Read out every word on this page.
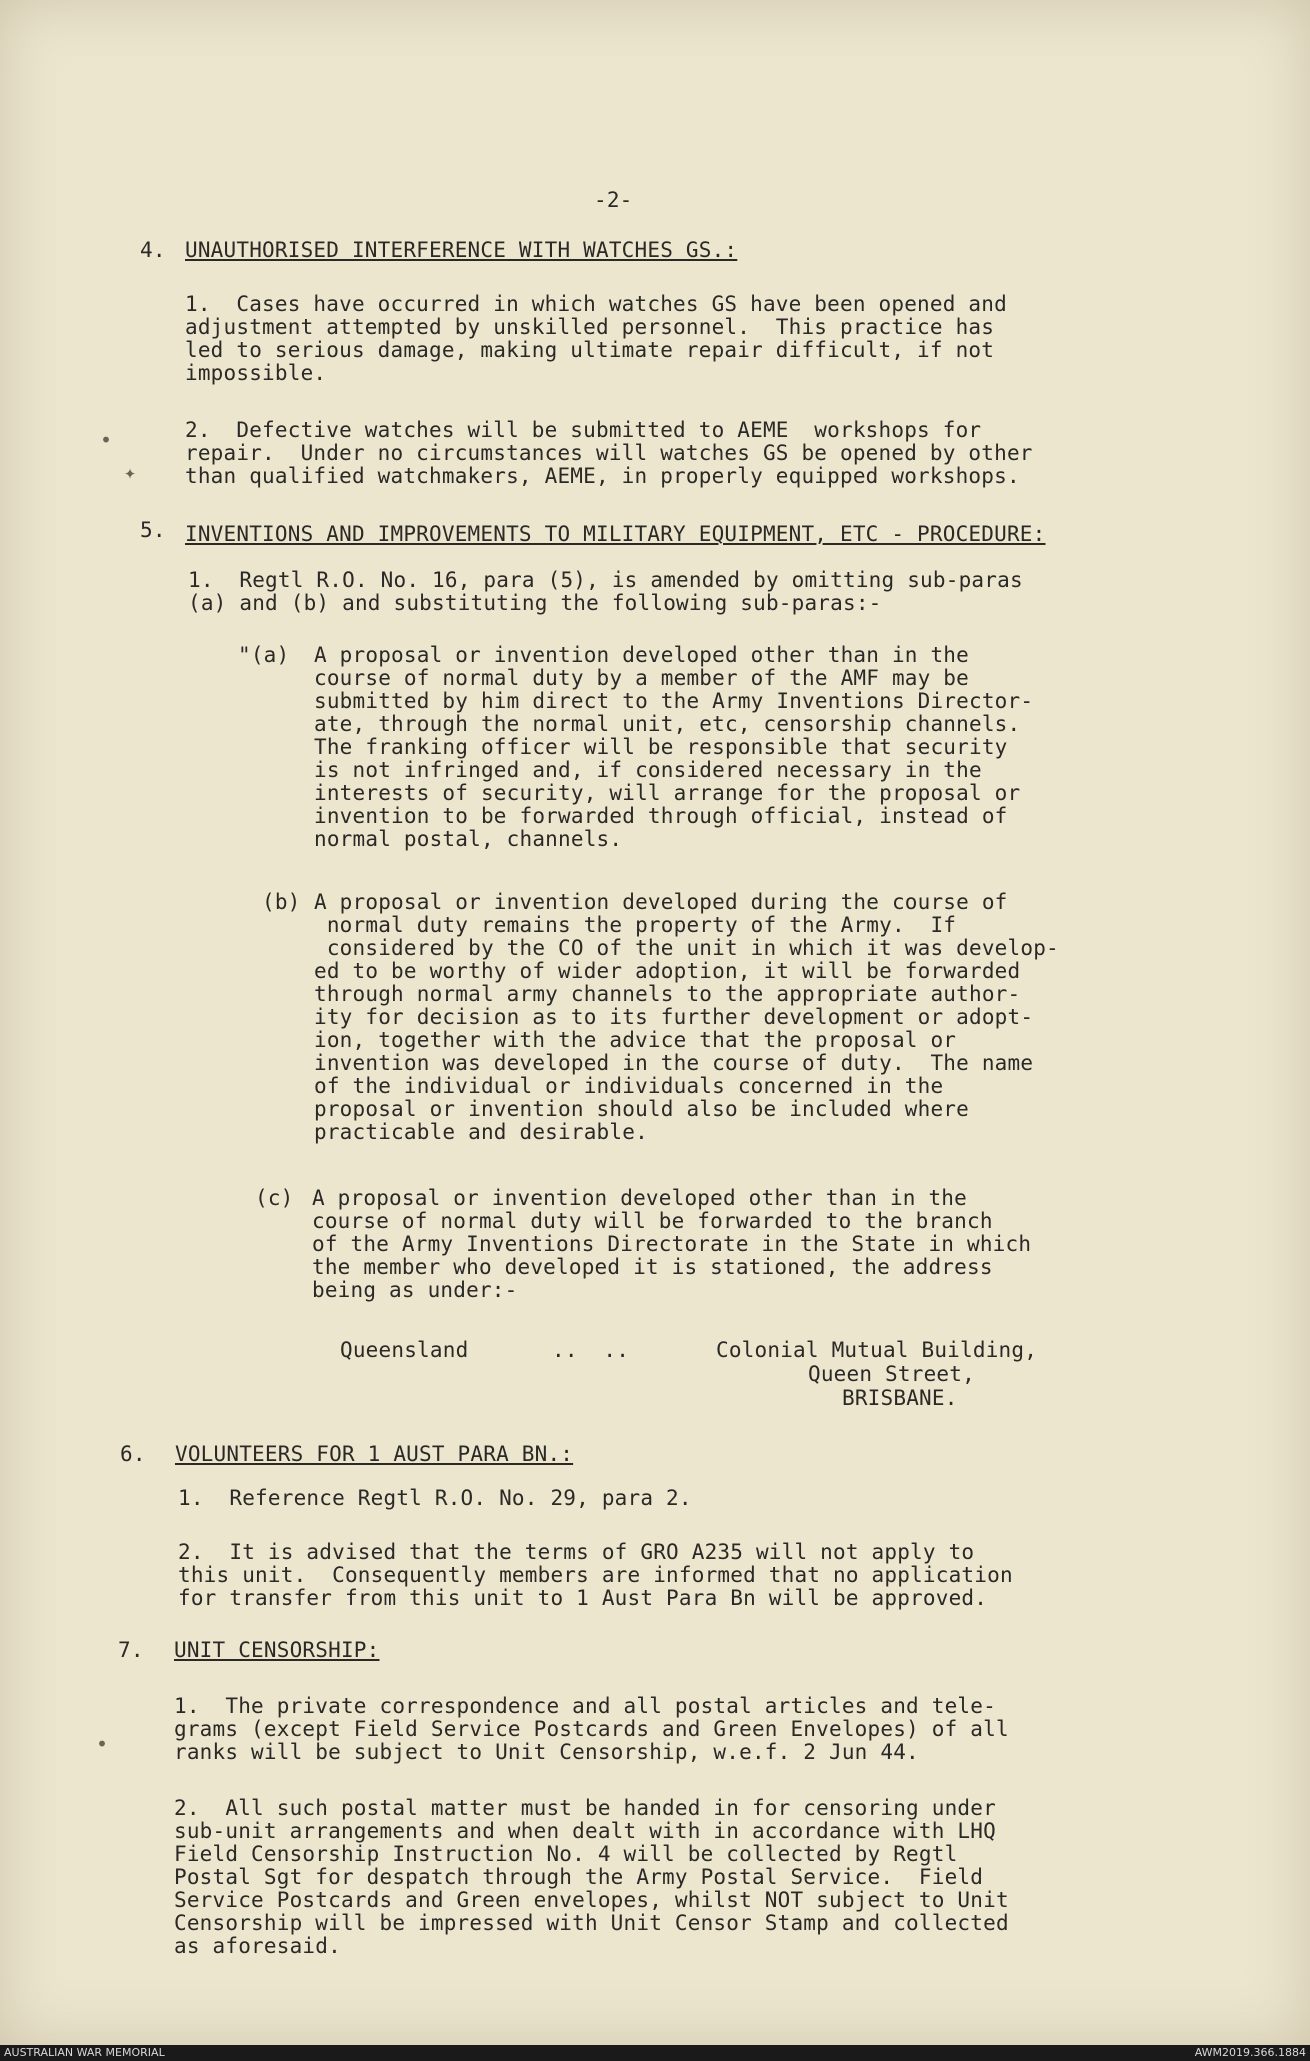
-2-
4. UNAUTHORISED INTERFERENCE WITH WATCHES GS.:
1.  Cases have occurred in which watches GS have been opened and
adjustment attempted by unskilled personnel.  This practice has
led to serious damage, making ultimate repair difficult, if not
impossible.
2.  Defective watches will be submitted to AEME  workshops for
repair.  Under no circumstances will watches GS be opened by other
than qualified watchmakers, AEME, in properly equipped workshops.
5. INVENTIONS AND IMPROVEMENTS TO MILITARY EQUIPMENT, ETC - PROCEDURE:
1.  Regtl R.O. No. 16, para (5), is amended by omitting sub-paras
(a) and (b) and substituting the following sub-paras:-
"(a) A proposal or invention developed other than in the
course of normal duty by a member of the AMF may be
submitted by him direct to the Army Inventions Director-
ate, through the normal unit, etc, censorship channels.
The franking officer will be responsible that security
is not infringed and, if considered necessary in the
interests of security, will arrange for the proposal or
invention to be forwarded through official, instead of
normal postal, channels.
(b) A proposal or invention developed during the course of
normal duty remains the property of the Army.  If
considered by the CO of the unit in which it was develop-
ed to be worthy of wider adoption, it will be forwarded
through normal army channels to the appropriate author-
ity for decision as to its further development or adopt-
ion, together with the advice that the proposal or
invention was developed in the course of duty.  The name
of the individual or individuals concerned in the
proposal or invention should also be included where
practicable and desirable.
(c) A proposal or invention developed other than in the
course of normal duty will be forwarded to the branch
of the Army Inventions Directorate in the State in which
the member who developed it is stationed, the address
being as under:-
Queensland	..  ..	Colonial Mutual Building,
Queen Street,
BRISBANE.
6. VOLUNTEERS FOR 1 AUST PARA BN.:
1.  Reference Regtl R.O. No. 29, para 2.
2.  It is advised that the terms of GRO A235 will not apply to
this unit.  Consequently members are informed that no application
for transfer from this unit to 1 Aust Para Bn will be approved.
7. UNIT CENSORSHIP:
1.  The private correspondence and all postal articles and tele-
grams (except Field Service Postcards and Green Envelopes) of all
ranks will be subject to Unit Censorship, w.e.f. 2 Jun 44.
2.  All such postal matter must be handed in for censoring under
sub-unit arrangements and when dealt with in accordance with LHQ
Field Censorship Instruction No. 4 will be collected by Regtl
Postal Sgt for despatch through the Army Postal Service.  Field
Service Postcards and Green envelopes, whilst NOT subject to Unit
Censorship will be impressed with Unit Censor Stamp and collected
as aforesaid.
•
✦
•
AUSTRALIAN WAR MEMORIAL	AWM2019.366.1884
